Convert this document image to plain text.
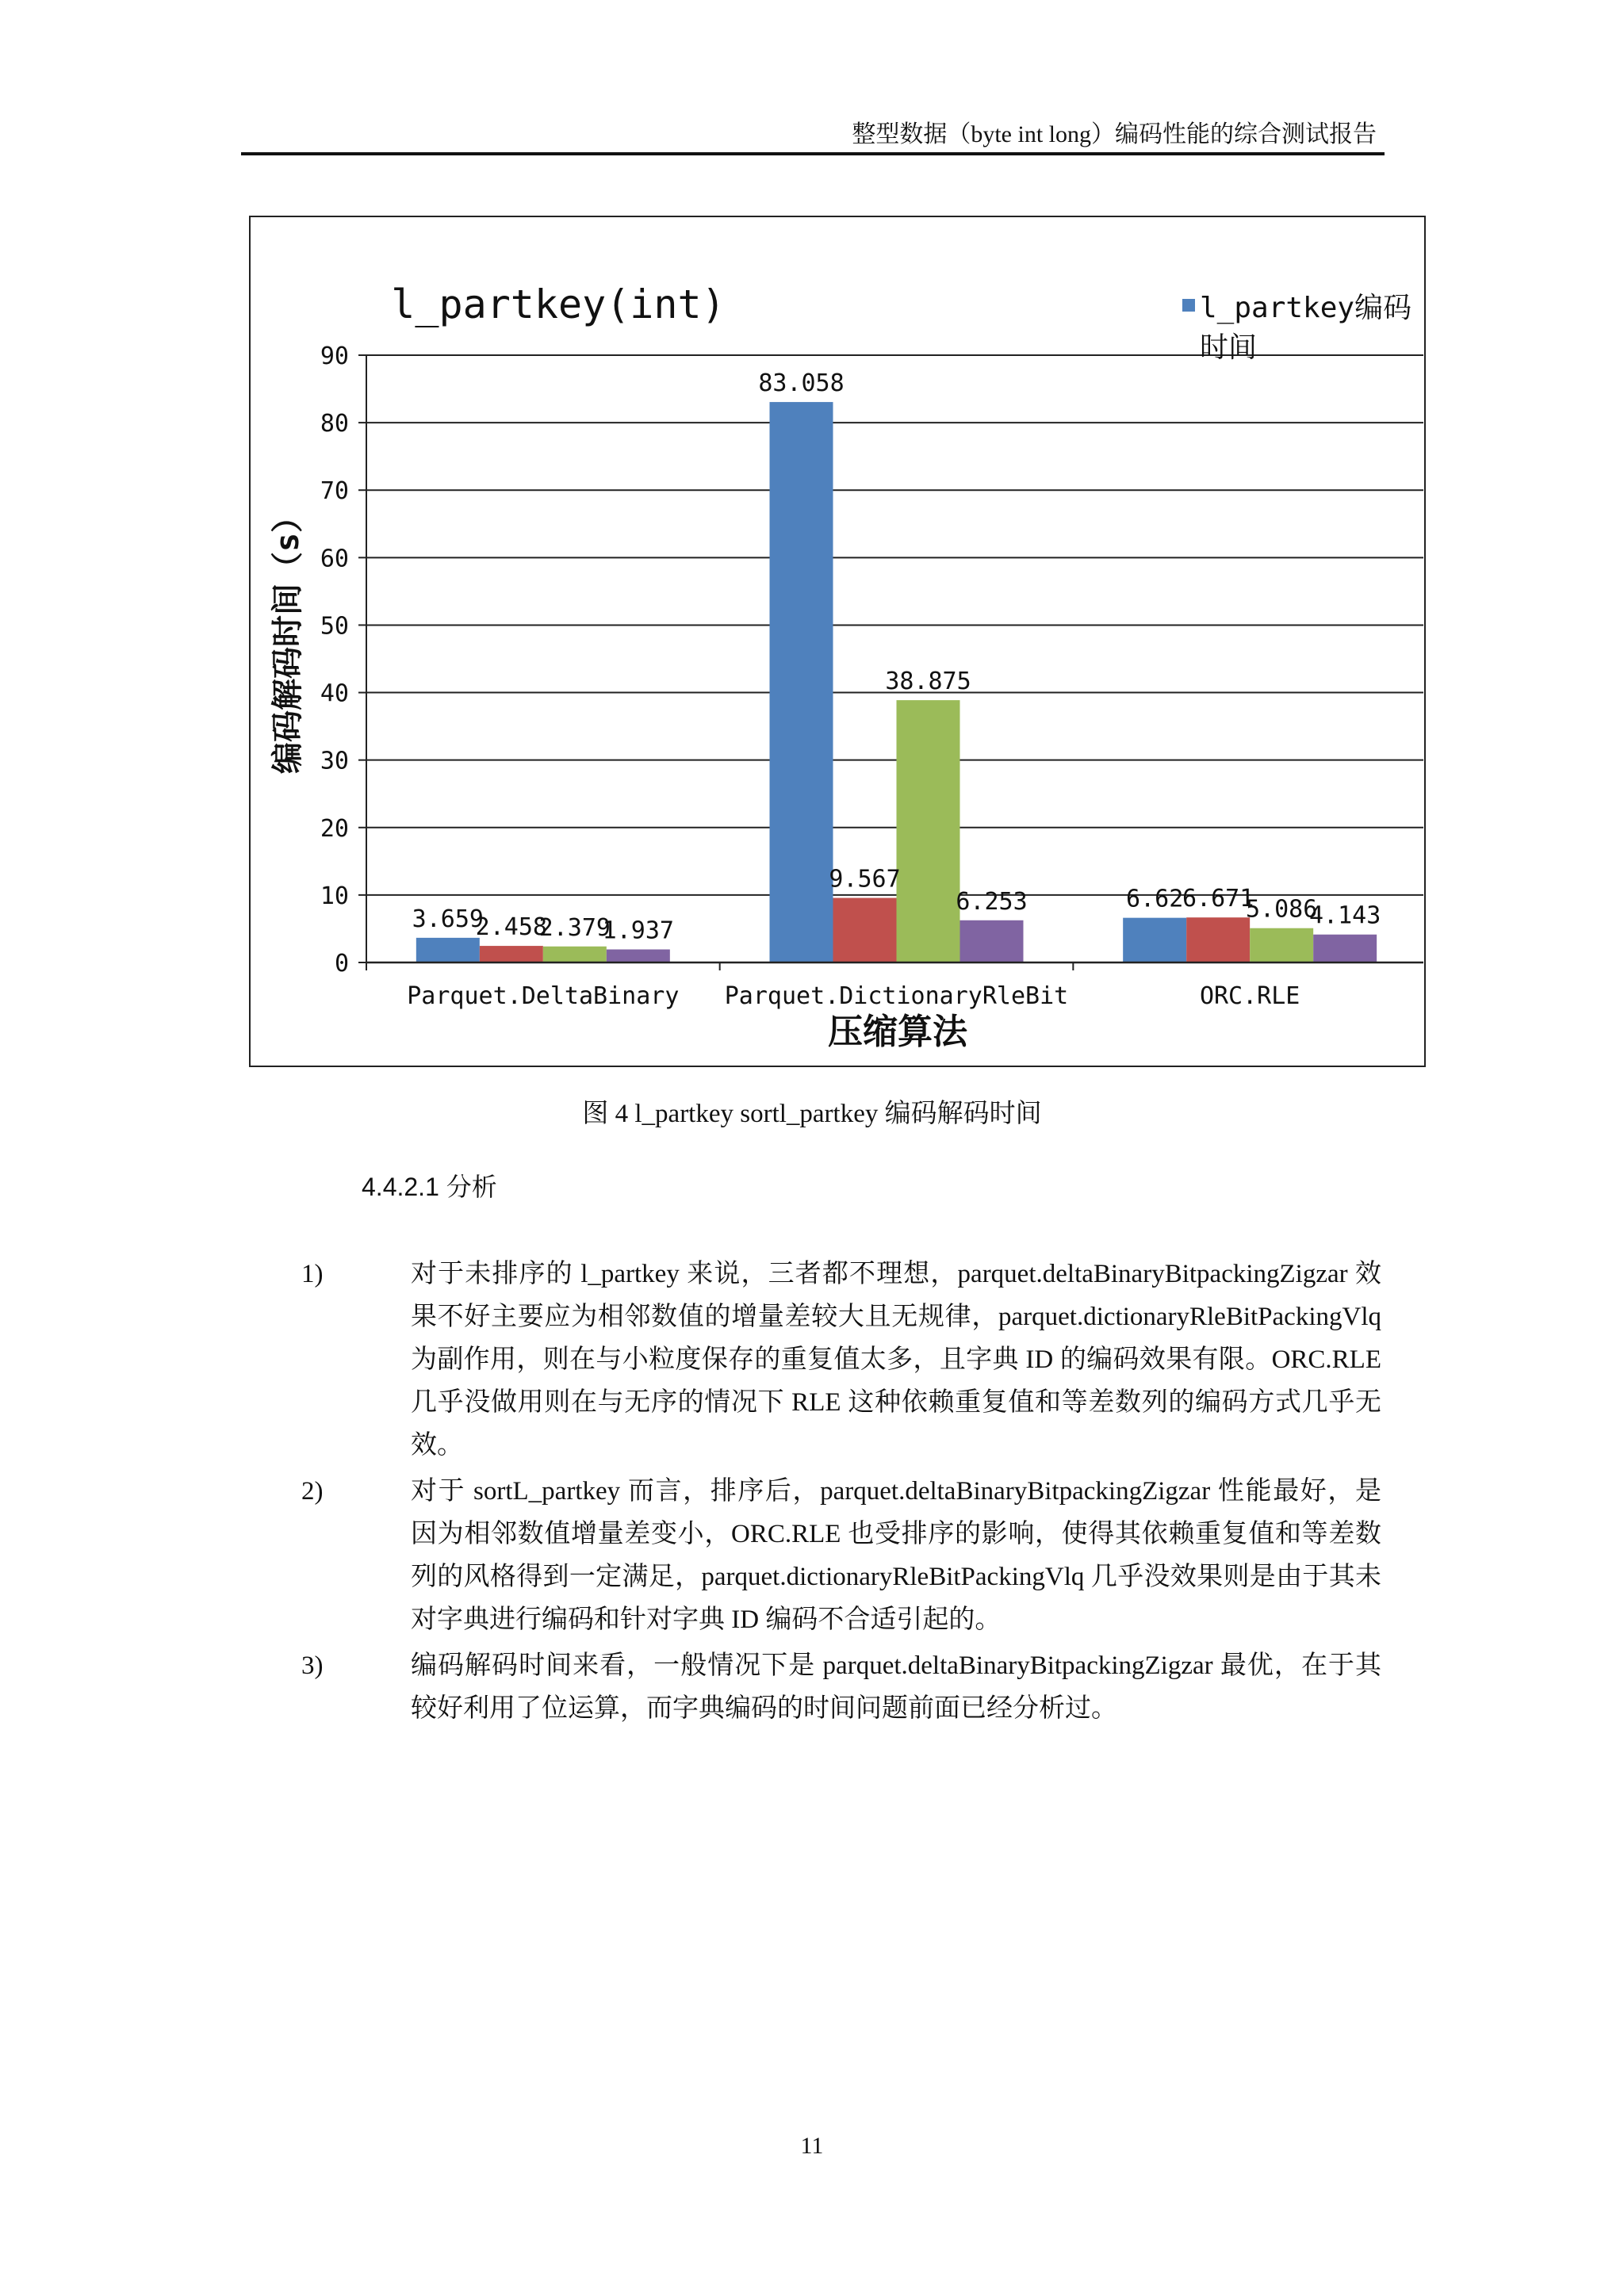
整型数据（byte int long）编码性能的综合测试报告
3.659
2.458
2.379
1.937
83.058
9.567
38.875
6.253	6.62
6.671
5.086
4.143
0
10
20
30
40
50
60
70
80
90
Parquet.DeltaBinary Parquet.DictionaryRleBit	ORC.RLE
l_partkey(int)	l_partkey编码
时间
编码解码时间（s）
压缩算法
图 4 l_partkey sortl_partkey 编码解码时间
4.4.2.1 分析
1)	对于未排序的 l_partkey 来说，三者都不理想，parquet.deltaBinaryBitpackingZigzar 效果不好主要应为相邻数值的增量差较大且无规律，parquet.dictionaryRleBitPackingVlq 为副作用，则在与小粒度保存的重复值太多，且字典 ID 的编码效果有限。ORC.RLE 几乎没做用则在与无序的情况下 RLE 这种依赖重复值和等差数列的编码方式几乎无效。
2)	对于 sortL_partkey 而言，排序后，parquet.deltaBinaryBitpackingZigzar 性能最好，是因为相邻数值增量差变小，ORC.RLE 也受排序的影响，使得其依赖重复值和等差数列的风格得到一定满足，parquet.dictionaryRleBitPackingVlq 几乎没效果则是由于其未对字典进行编码和针对字典 ID 编码不合适引起的。
3)	编码解码时间来看，一般情况下是 parquet.deltaBinaryBitpackingZigzar 最优，在于其较好利用了位运算，而字典编码的时间问题前面已经分析过。
11
